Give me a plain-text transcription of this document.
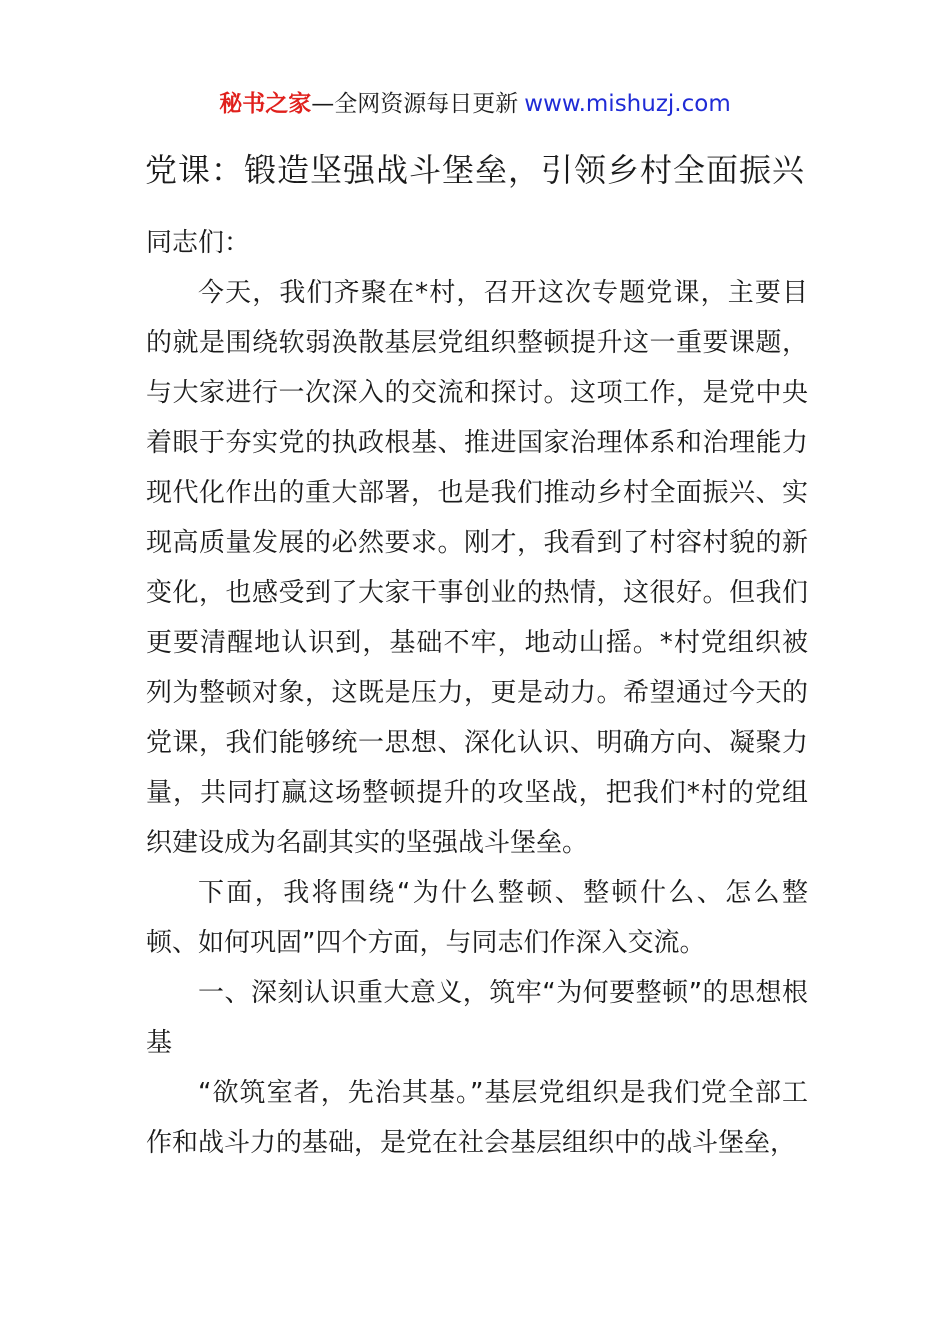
秘书之家—全网资源每日更新 www.mishuzj.com
党课：锻造坚强战斗堡垒，引领乡村全面振兴

同志们：

今天，我们齐聚在*村，召开这次专题党课，主要目的就是围绕软弱涣散基层党组织整顿提升这一重要课题，与大家进行一次深入的交流和探讨。这项工作，是党中央着眼于夯实党的执政根基、推进国家治理体系和治理能力现代化作出的重大部署，也是我们推动乡村全面振兴、实现高质量发展的必然要求。刚才，我看到了村容村貌的新变化，也感受到了大家干事创业的热情，这很好。但我们更要清醒地认识到，基础不牢，地动山摇。*村党组织被列为整顿对象，这既是压力，更是动力。希望通过今天的党课，我们能够统一思想、深化认识、明确方向、凝聚力量，共同打赢这场整顿提升的攻坚战，把我们*村的党组织建设成为名副其实的坚强战斗堡垒。

下面，我将围绕“为什么整顿、整顿什么、怎么整顿、如何巩固”四个方面，与同志们作深入交流。

一、深刻认识重大意义，筑牢“为何要整顿”的思想根基

“欲筑室者，先治其基。”基层党组织是我们党全部工作和战斗力的基础，是党在社会基层组织中的战斗堡垒，
